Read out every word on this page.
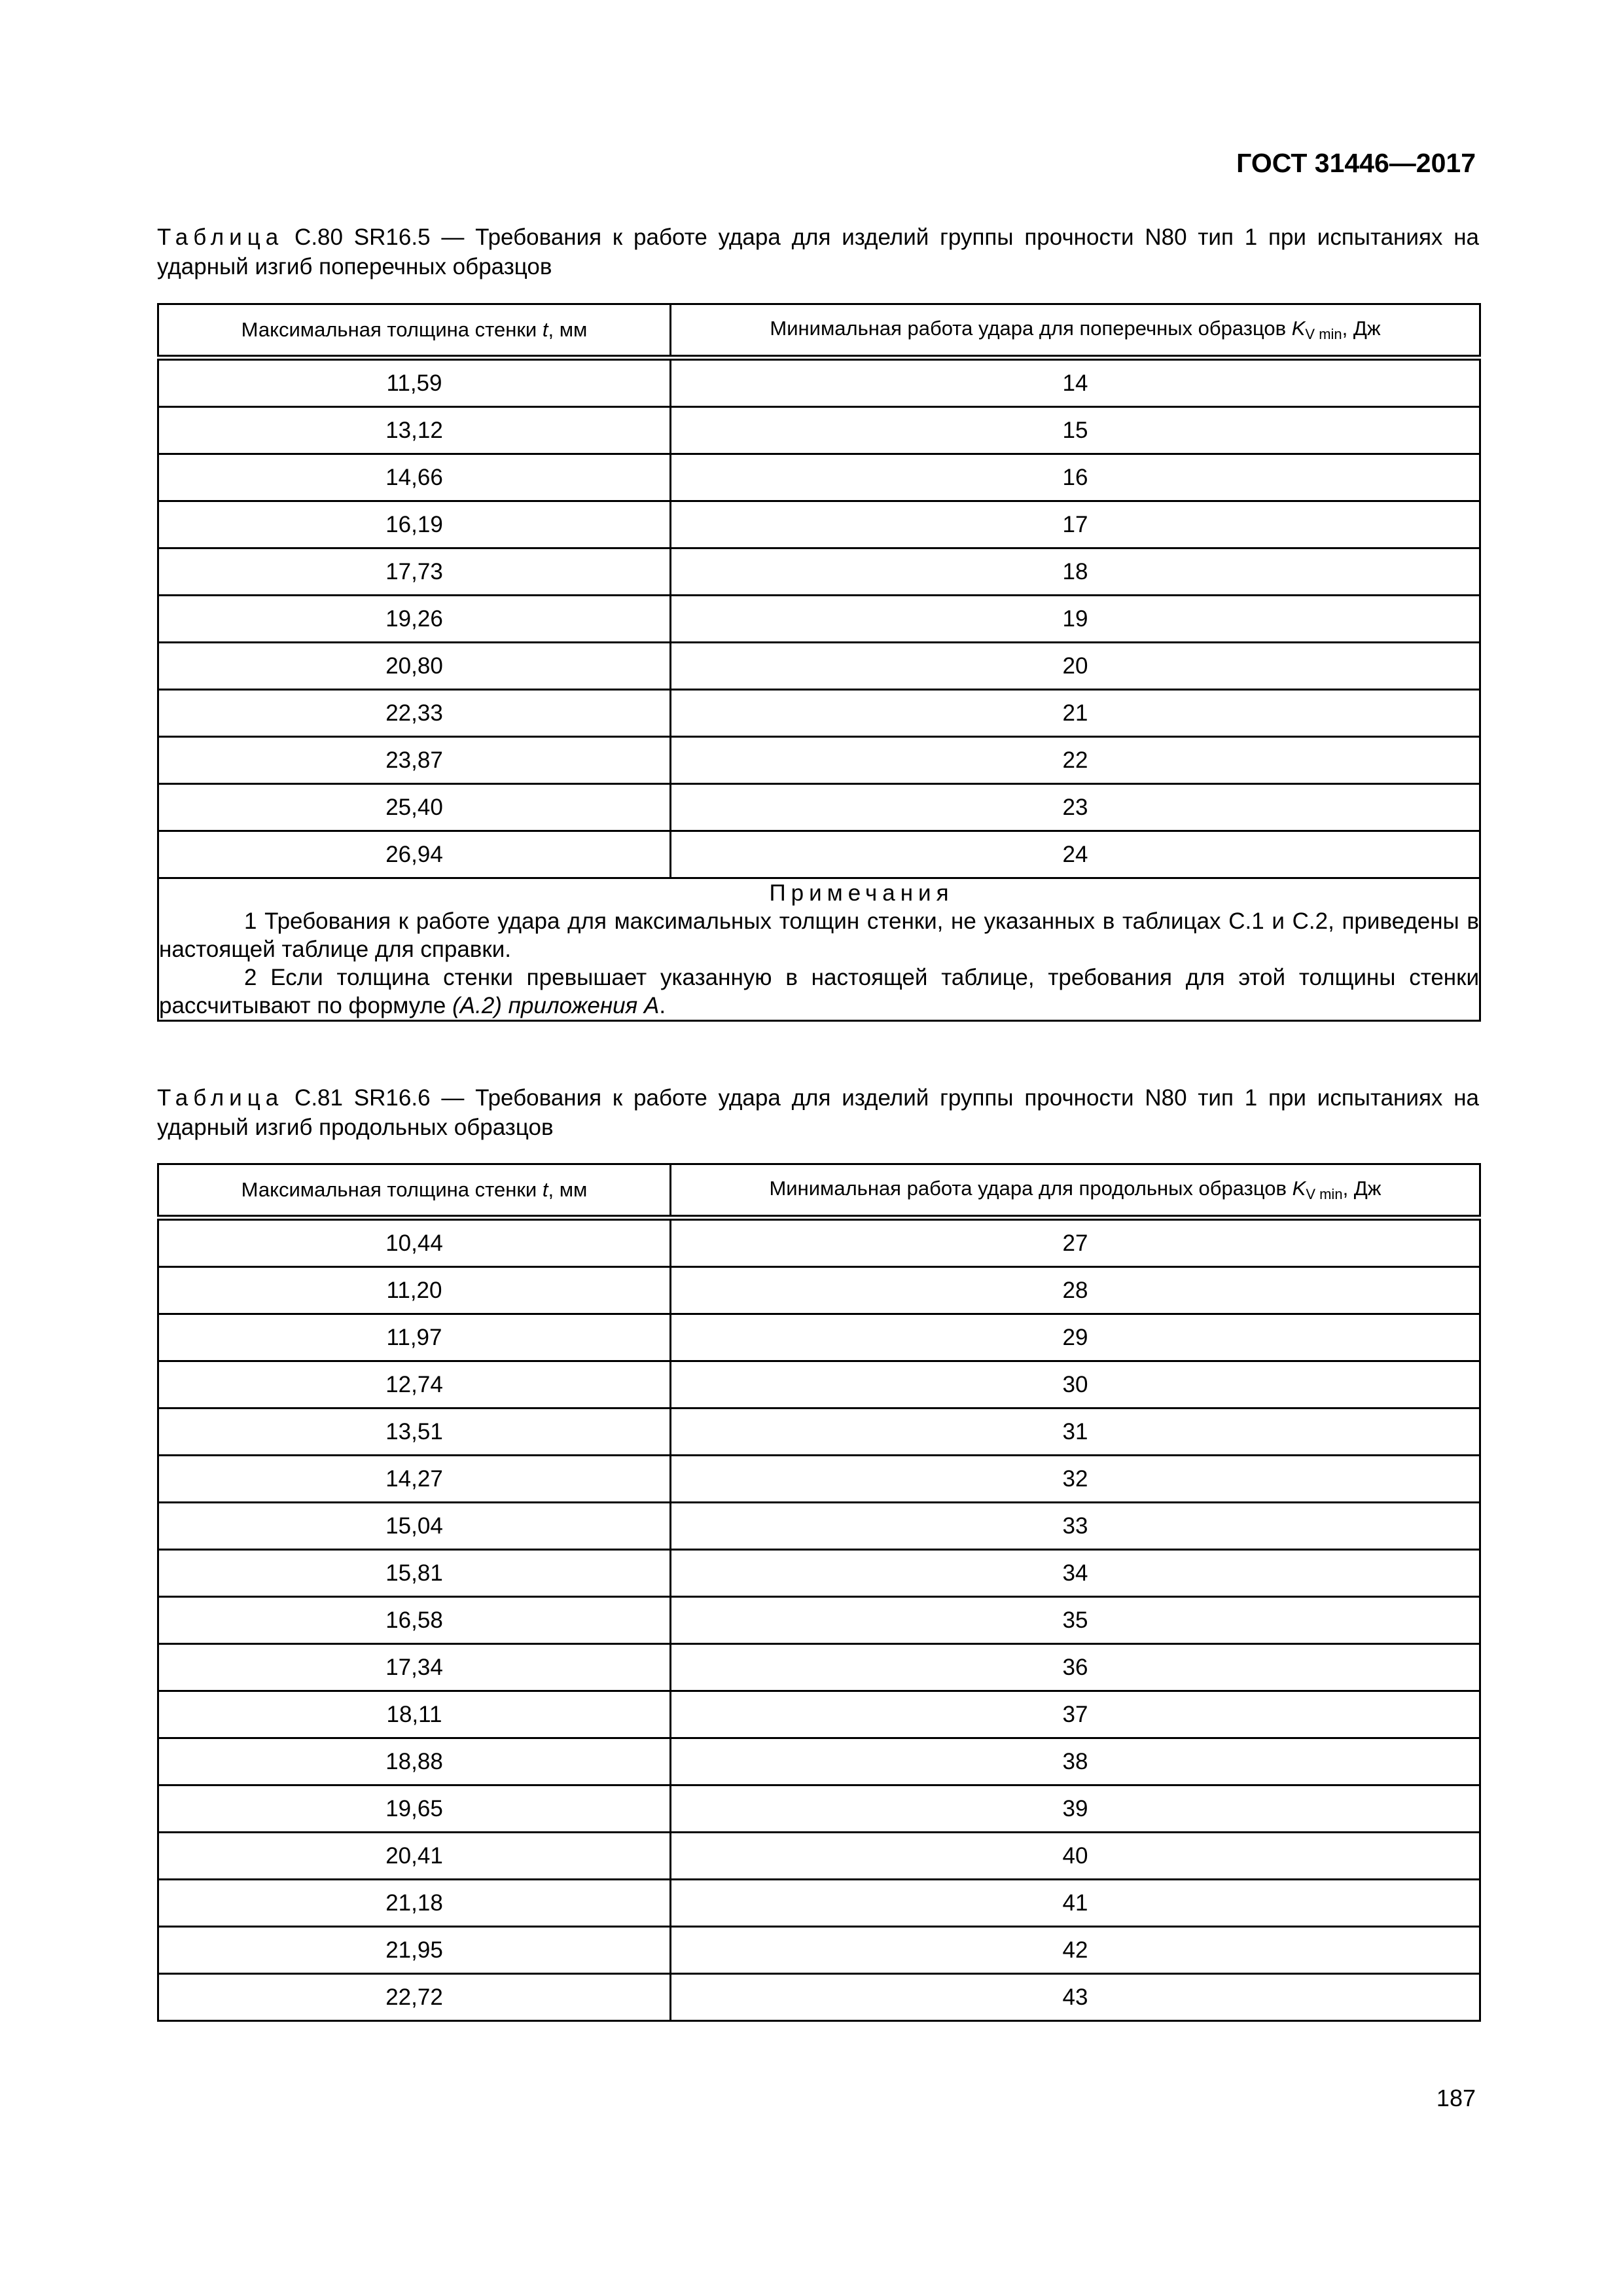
ГОСТ 31446—2017
Таблица С.80 SR16.5 — Требования к работе удара для изделий группы прочности N80 тип 1 при испытаниях на ударный изгиб поперечных образцов
Максимальная толщина стенки t, мм	Минимальная работа удара для поперечных образцов $K_{V min}$, Дж
11,59	14
13,12	15
14,66	16
16,19	17
17,73	18
19,26	19
20,80	20
22,33	21
23,87	22
25,40	23
26,94	24

Примечания
1 Требования к работе удара для максимальных толщин стенки, не указанных в таблицах С.1 и С.2, приведены в настоящей таблице для справки.
2 Если толщина стенки превышает указанную в настоящей таблице, требования для этой толщины стенки рассчитывают по формуле (А.2) приложения А.	
Таблица С.81 SR16.6 — Требования к работе удара для изделий группы прочности N80 тип 1 при испытаниях на ударный изгиб продольных образцов
Максимальная толщина стенки t, мм	Минимальная работа удара для продольных образцов $K_{V min}$, Дж
10,44	27
11,20	28
11,97	29
12,74	30
13,51	31
14,27	32
15,04	33
15,81	34
16,58	35
17,34	36
18,11	37
18,88	38
19,65	39
20,41	40
21,18	41
21,95	42
22,72	43
187
